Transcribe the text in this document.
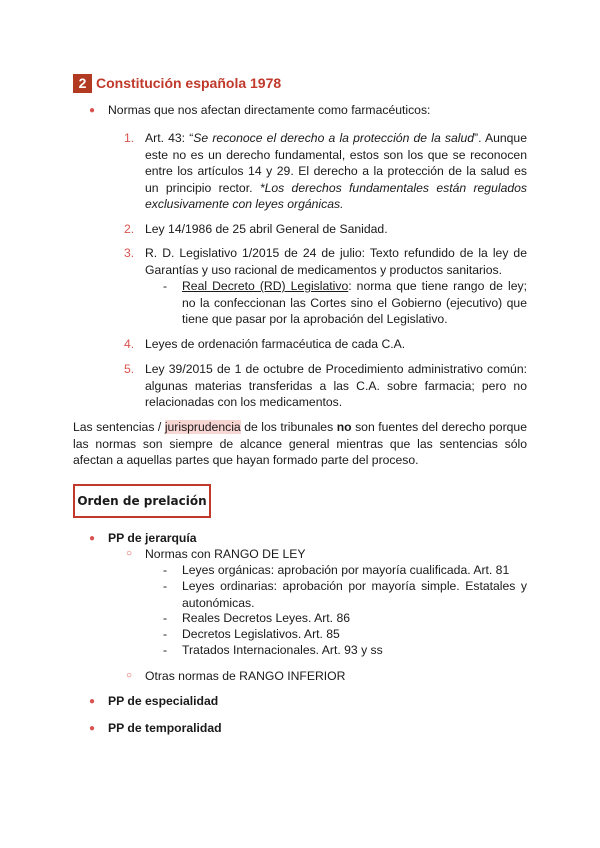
2 Constitución española 1978
● Normas que nos afectan directamente como farmacéuticos:
1. Art. 43: “Se reconoce el derecho a la protección de la salud”. Aunque este no es un derecho fundamental, estos son los que se reconocen entre los artículos 14 y 29. El derecho a la protección de la salud es un principio rector. *Los derechos fundamentales están regulados exclusivamente con leyes orgánicas.
2. Ley 14/1986 de 25 abril General de Sanidad.
3. R. D. Legislativo 1/2015 de 24 de julio: Texto refundido de la ley de Garantías y uso racional de medicamentos y productos sanitarios.
- Real Decreto (RD) Legislativo: norma que tiene rango de ley; no la confeccionan las Cortes sino el Gobierno (ejecutivo) que tiene que pasar por la aprobación del Legislativo.
4. Leyes de ordenación farmacéutica de cada C.A.
5. Ley 39/2015 de 1 de octubre de Procedimiento administrativo común: algunas materias transferidas a las C.A. sobre farmacia; pero no relacionadas con los medicamentos.
Las sentencias / jurisprudencia de los tribunales no son fuentes del derecho porque las normas son siempre de alcance general mientras que las sentencias sólo afectan a aquellas partes que hayan formado parte del proceso.
Orden de prelación
● PP de jerarquía
○ Normas con RANGO DE LEY
- Leyes orgánicas: aprobación por mayoría cualificada. Art. 81
- Leyes ordinarias: aprobación por mayoría simple. Estatales y autonómicas.
- Reales Decretos Leyes. Art. 86
- Decretos Legislativos. Art. 85
- Tratados Internacionales. Art. 93 y ss
○ Otras normas de RANGO INFERIOR
● PP de especialidad
● PP de temporalidad
